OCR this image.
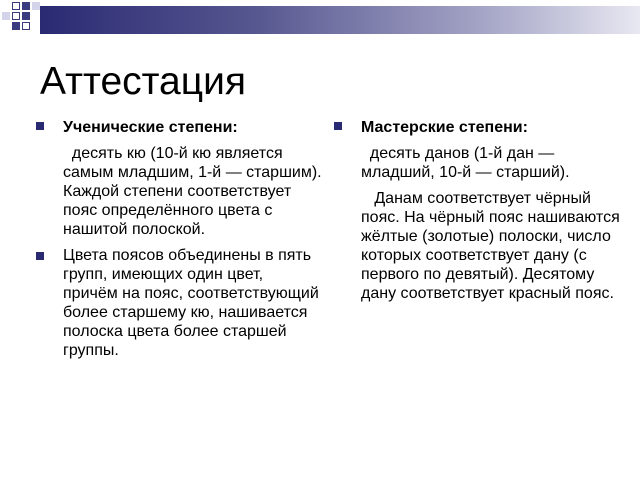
Аттестация
Ученические степени:

десять кю (10-й кю является самым младшим, 1-й — старшим). Каждой степени соответствует пояс определённого цвета с нашитой полоской.

Цвета поясов объединены в пять групп, имеющих один цвет, причём на пояс, соответствующий более старшему кю, нашивается полоска цвета более старшей группы.
Мастерские степени:

десять данов (1-й дан — младший, 10-й — старший).

Данам соответствует чёрный пояс. На чёрный пояс нашиваются жёлтые (золотые) полоски, число которых соответствует дану (с первого по девятый). Десятому дану соответствует красный пояс.
